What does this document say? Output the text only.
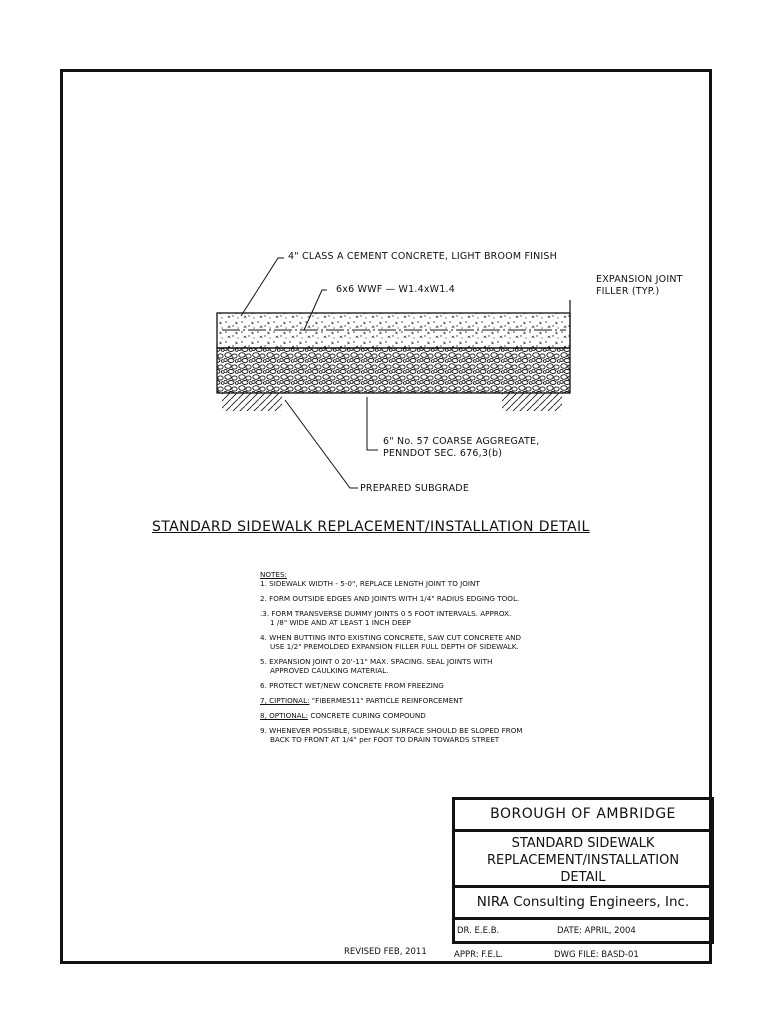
4" CLASS A CEMENT CONCRETE, LIGHT BROOM FINISH
6x6 WWF — W1.4xW1.4
EXPANSION JOINT
FILLER (TYP.)
6" No. 57 COARSE AGGREGATE,
PENNDOT SEC. 676,3(b)
PREPARED SUBGRADE
STANDARD SIDEWALK REPLACEMENT/INSTALLATION DETAIL
NOTES:
1. SIDEWALK WIDTH - 5-0", REPLACE LENGTH JOINT TO JOINT
2. FORM OUTSIDE EDGES AND JOINTS WITH 1/4" RADIUS EDGING TOOL.
.3. FORM TRANSVERSE DUMMY JOINTS 0 5 FOOT INTERVALS. APPROX.
1 /8" WIDE AND AT LEAST 1 INCH DEEP
4. WHEN BUTTING INTO EXISTING CONCRETE, SAW CUT CONCRETE AND
USE 1/2" PREMOLDED EXPANSION FILLER FULL DEPTH OF SIDEWALK.
5. EXPANSION JOINT 0 20'-11" MAX. SPACING. SEAL JOINTS WITH
APPROVED CAULKING MATERIAL.
6. PROTECT WET/NEW CONCRETE FROM FREEZING
7, CIPTIONAL: "FIBERME511" PARTICLE REINFORCEMENT
8, OPTIONAL: CONCRETE CURING COMPOUND
9. WHENEVER POSSIBLE, SIDEWALK SURFACE SHOULD BE SLOPED FROM
BACK TO FRONT AT 1/4" per FOOT TO DRAIN TOWARDS STREET
BOROUGH OF AMBRIDGE
STANDARD SIDEWALK
REPLACEMENT/INSTALLATION
DETAIL
NIRA Consulting Engineers, Inc.
DR. E.E.B.	DATE: APRIL, 2004
APPR: F.E.L.	DWG FILE: BASD-01
REVISED FEB, 2011
